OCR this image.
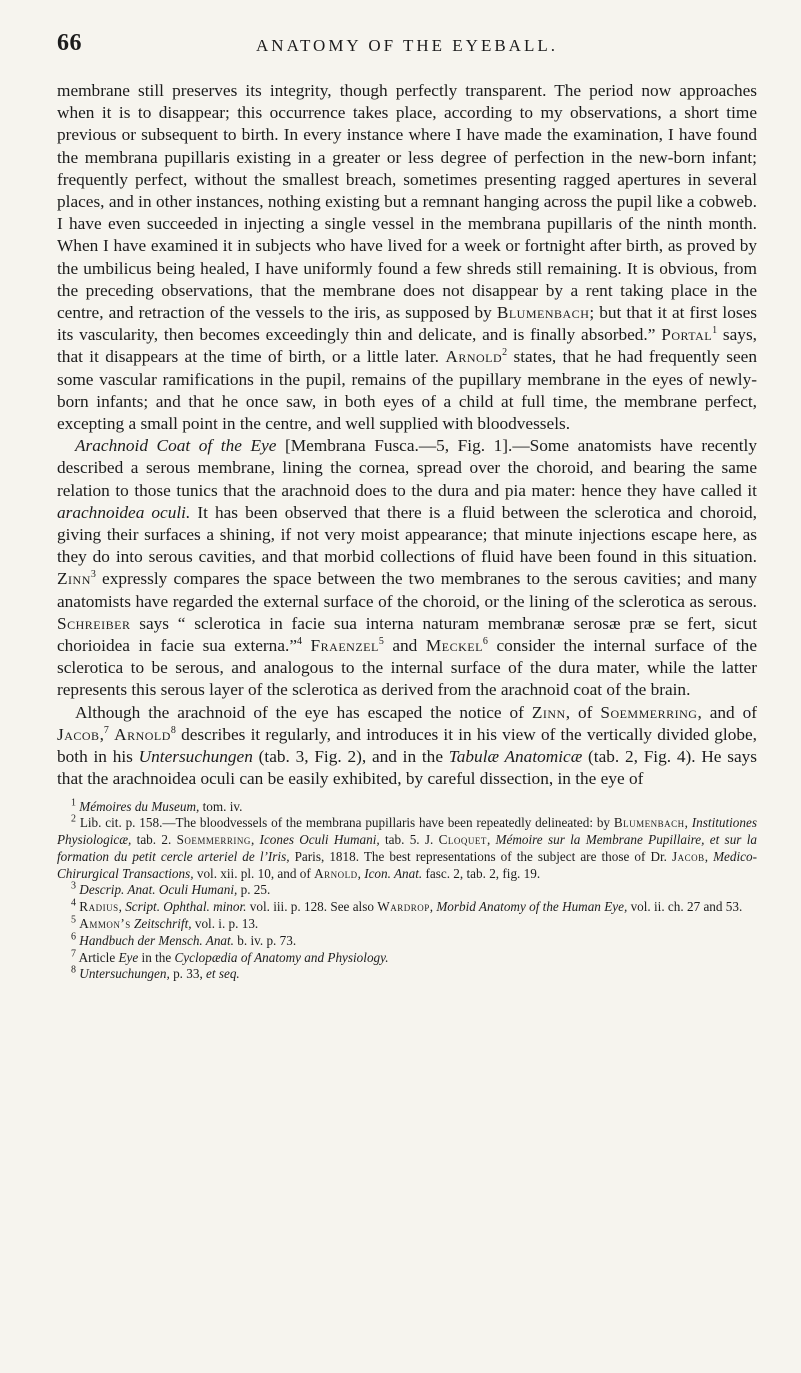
66	ANATOMY OF THE EYEBALL.

membrane still preserves its integrity, though perfectly transparent. The period now approaches when it is to disappear; this occurrence takes place, according to my observations, a short time previous or subsequent to birth. In every instance where I have made the examination, I have found the membrana pupillaris existing in a greater or less degree of perfection in the new-born infant; frequently perfect, without the smallest breach, sometimes presenting ragged apertures in several places, and in other instances, nothing existing but a remnant hanging across the pupil like a cobweb. I have even succeeded in injecting a single vessel in the membrana pupillaris of the ninth month. When I have examined it in subjects who have lived for a week or fortnight after birth, as proved by the umbilicus being healed, I have uniformly found a few shreds still remaining. It is obvious, from the preceding observations, that the membrane does not disappear by a rent taking place in the centre, and retraction of the vessels to the iris, as supposed by Blumenbach; but that it at first loses its vascularity, then becomes exceedingly thin and delicate, and is finally absorbed.” Portal$^1$ says, that it disappears at the time of birth, or a little later. Arnold$^2$ states, that he had frequently seen some vascular ramifications in the pupil, remains of the pupillary membrane in the eyes of newly-born infants; and that he once saw, in both eyes of a child at full time, the membrane perfect, excepting a small point in the centre, and well supplied with bloodvessels.

Arachnoid Coat of the Eye [Membrana Fusca.—5, Fig. 1].—Some anatomists have recently described a serous membrane, lining the cornea, spread over the choroid, and bearing the same relation to those tunics that the arachnoid does to the dura and pia mater: hence they have called it arachnoidea oculi. It has been observed that there is a fluid between the sclerotica and choroid, giving their surfaces a shining, if not very moist appearance; that minute injections escape here, as they do into serous cavities, and that morbid collections of fluid have been found in this situation. Zinn$^3$ expressly compares the space between the two membranes to the serous cavities; and many anatomists have regarded the external surface of the choroid, or the lining of the sclerotica as serous. Schreiber says “ sclerotica in facie sua interna naturam membranæ serosæ præ se fert, sicut chorioidea in facie sua externa.”$^4$ Fraenzel$^5$ and Meckel$^6$ consider the internal surface of the sclerotica to be serous, and analogous to the internal surface of the dura mater, while the latter represents this serous layer of the sclerotica as derived from the arachnoid coat of the brain.

Although the arachnoid of the eye has escaped the notice of Zinn, of Soemmerring, and of Jacob,$^7$ Arnold$^8$ describes it regularly, and introduces it in his view of the vertically divided globe, both in his Untersuchungen (tab. 3, Fig. 2), and in the Tabulæ Anatomicæ (tab. 2, Fig. 4). He says that the arachnoidea oculi can be easily exhibited, by careful dissection, in the eye of

$^1$ Mémoires du Museum, tom. iv.

$^2$ Lib. cit. p. 158.—The bloodvessels of the membrana pupillaris have been repeatedly delineated: by Blumenbach, Institutiones Physiologicæ, tab. 2. Soemmerring, Icones Oculi Humani, tab. 5. J. Cloquet, Mémoire sur la Membrane Pupillaire, et sur la formation du petit cercle arteriel de l’Iris, Paris, 1818. The best representations of the subject are those of Dr. Jacob, Medico-Chirurgical Transactions, vol. xii. pl. 10, and of Arnold, Icon. Anat. fasc. 2, tab. 2, fig. 19.

$^3$ Descrip. Anat. Oculi Humani, p. 25.

$^4$ Radius, Script. Ophthal. minor. vol. iii. p. 128. See also Wardrop, Morbid Anatomy of the Human Eye, vol. ii. ch. 27 and 53.

$^5$ Ammon’s Zeitschrift, vol. i. p. 13.

$^6$ Handbuch der Mensch. Anat. b. iv. p. 73.

$^7$ Article Eye in the Cyclopædia of Anatomy and Physiology.

$^8$ Untersuchungen, p. 33, et seq.
